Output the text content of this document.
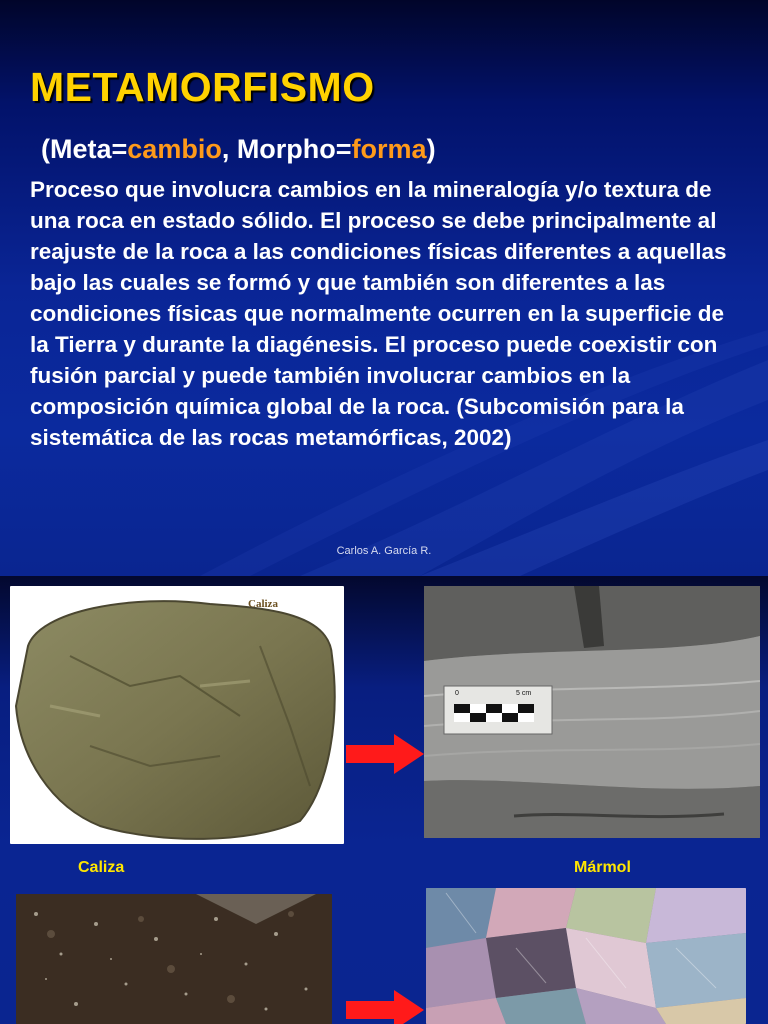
METAMORFISMO
(Meta=cambio, Morpho=forma)

Proceso que involucra cambios en la mineralogía y/o textura de una roca en estado sólido. El proceso se debe principalmente al reajuste de la roca a las condiciones físicas diferentes a aquellas bajo las cuales se formó y que también son diferentes a las condiciones físicas que normalmente ocurren en la superficie de la Tierra y durante la diagénesis. El proceso puede coexistir con fusión parcial y puede también involucrar cambios en la composición química global de la roca. (Subcomisión para la sistemática de las rocas metamórficas, 2002)

Carlos A. García R.
Caliza
0	5 cm
Caliza	Mármol
